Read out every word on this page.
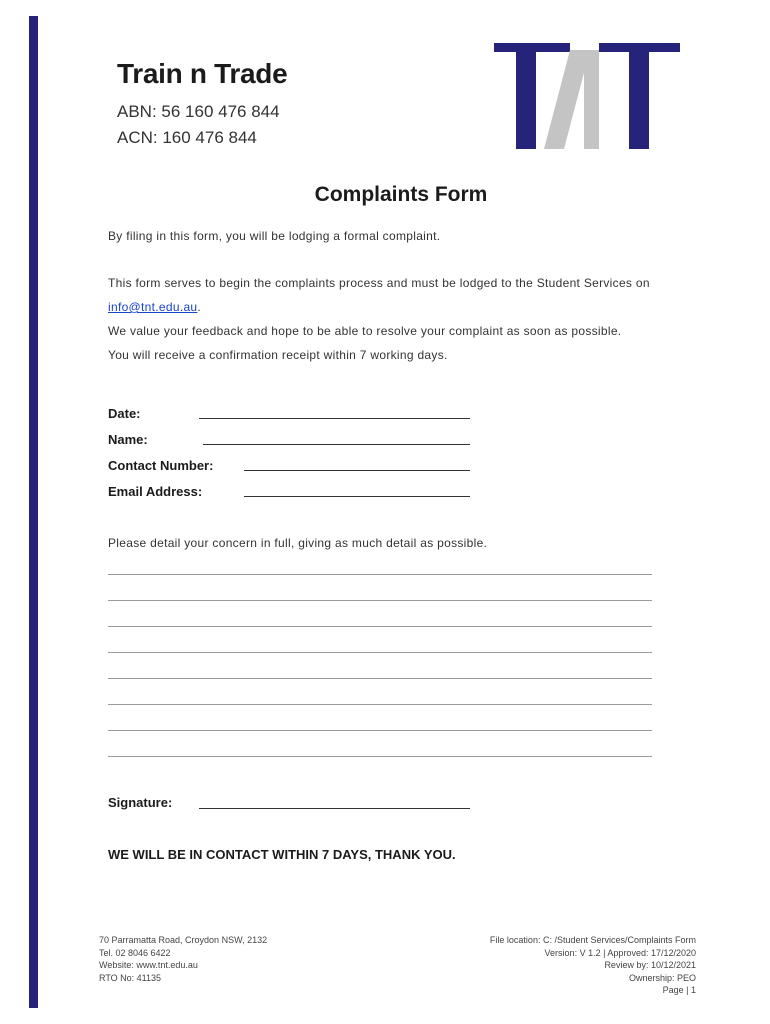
Train n Trade

ABN: 56 160 476 844

ACN: 160 476 844

Complaints Form
By filing in this form, you will be lodging a formal complaint.
This form serves to begin the complaints process and must be lodged to the Student Services on
info@tnt.edu.au.
We value your feedback and hope to be able to resolve your complaint as soon as possible.
You will receive a confirmation receipt within 7 working days.
Date:
Name:
Contact Number:
Email Address:
Please detail your concern in full, giving as much detail as possible.
Signature:
WE WILL BE IN CONTACT WITHIN 7 DAYS, THANK YOU.
70 Parramatta Road, Croydon NSW, 2132
Tel. 02 8046 6422
Website: www.tnt.edu.au
RTO No: 41135
File location: C: /Student Services/Complaints Form
Version: V 1.2 | Approved: 17/12/2020
Review by: 10/12/2021
Ownership: PEO
Page | 1
